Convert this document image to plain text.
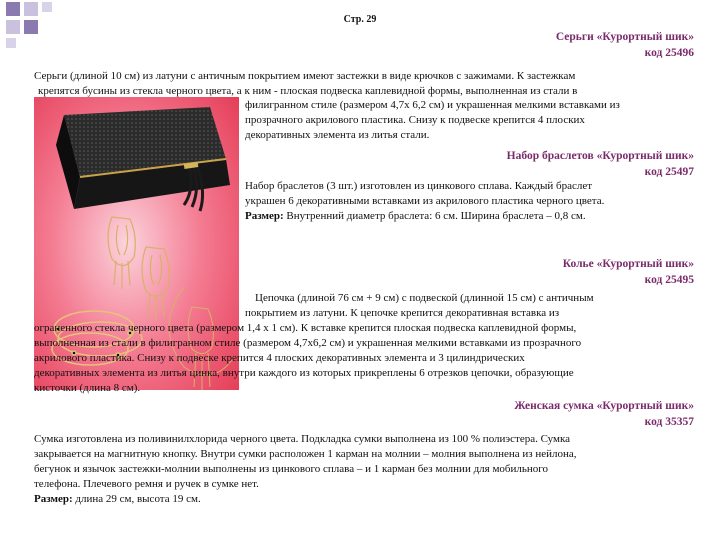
Стр. 29
Серьги «Курортный шик»
код 25496
Серьги (длиной 10 см) из латуни с античным покрытием имеют застежки в виде крючков с зажимами. К застежкам
крепятся бусины из стекла черного цвета, а к ним - плоская подвеска каплевидной формы, выполненная из стали в
филигранном стиле (размером 4,7х 6,2 см) и украшенная мелкими вставками из
прозрачного акрилового пластика. Снизу к подвеске крепится 4 плоских
декоративных элемента из литья стали.
Набор браслетов «Курортный шик»
код 25497
Набор браслетов (3 шт.) изготовлен из цинкового сплава. Каждый браслет
украшен 6 декоративными вставками из акрилового пластика черного цвета.
Размер: Внутренний диаметр браслета: 6 см. Ширина браслета – 0,8 см.
Колье «Курортный шик»
код 25495
Цепочка (длиной 76 см + 9 см) с подвеской (длинной 15 см) с античным
покрытием из латуни. К цепочке крепится декоративная вставка из
ограненного стекла черного цвета (размером 1,4 х 1 см). К вставке крепится плоская подвеска каплевидной формы,
выполненная из стали в филигранном стиле (размером 4,7х6,2 см) и украшенная мелкими вставками из прозрачного
акрилового пластика. Снизу к подвеске крепится 4 плоских декоративных элемента и 3 цилиндрических
декоративных элемента из литья цинка, внутри каждого из которых прикреплены 6 отрезков цепочки, образующие
кисточки (длина 8 см).
Женская сумка «Курортный шик»
код 35357
Сумка изготовлена из поливинилхлорида черного цвета. Подкладка сумки выполнена из 100 % полиэстера. Сумка
закрывается на магнитную кнопку. Внутри сумки расположен 1 карман на молнии – молния выполнена из нейлона,
бегунок и язычок застежки-молнии выполнены из цинкового сплава – и 1 карман без молнии для мобильного
телефона. Плечевого ремня и ручек в сумке нет.
Размер: длина 29 см, высота 19 см.
